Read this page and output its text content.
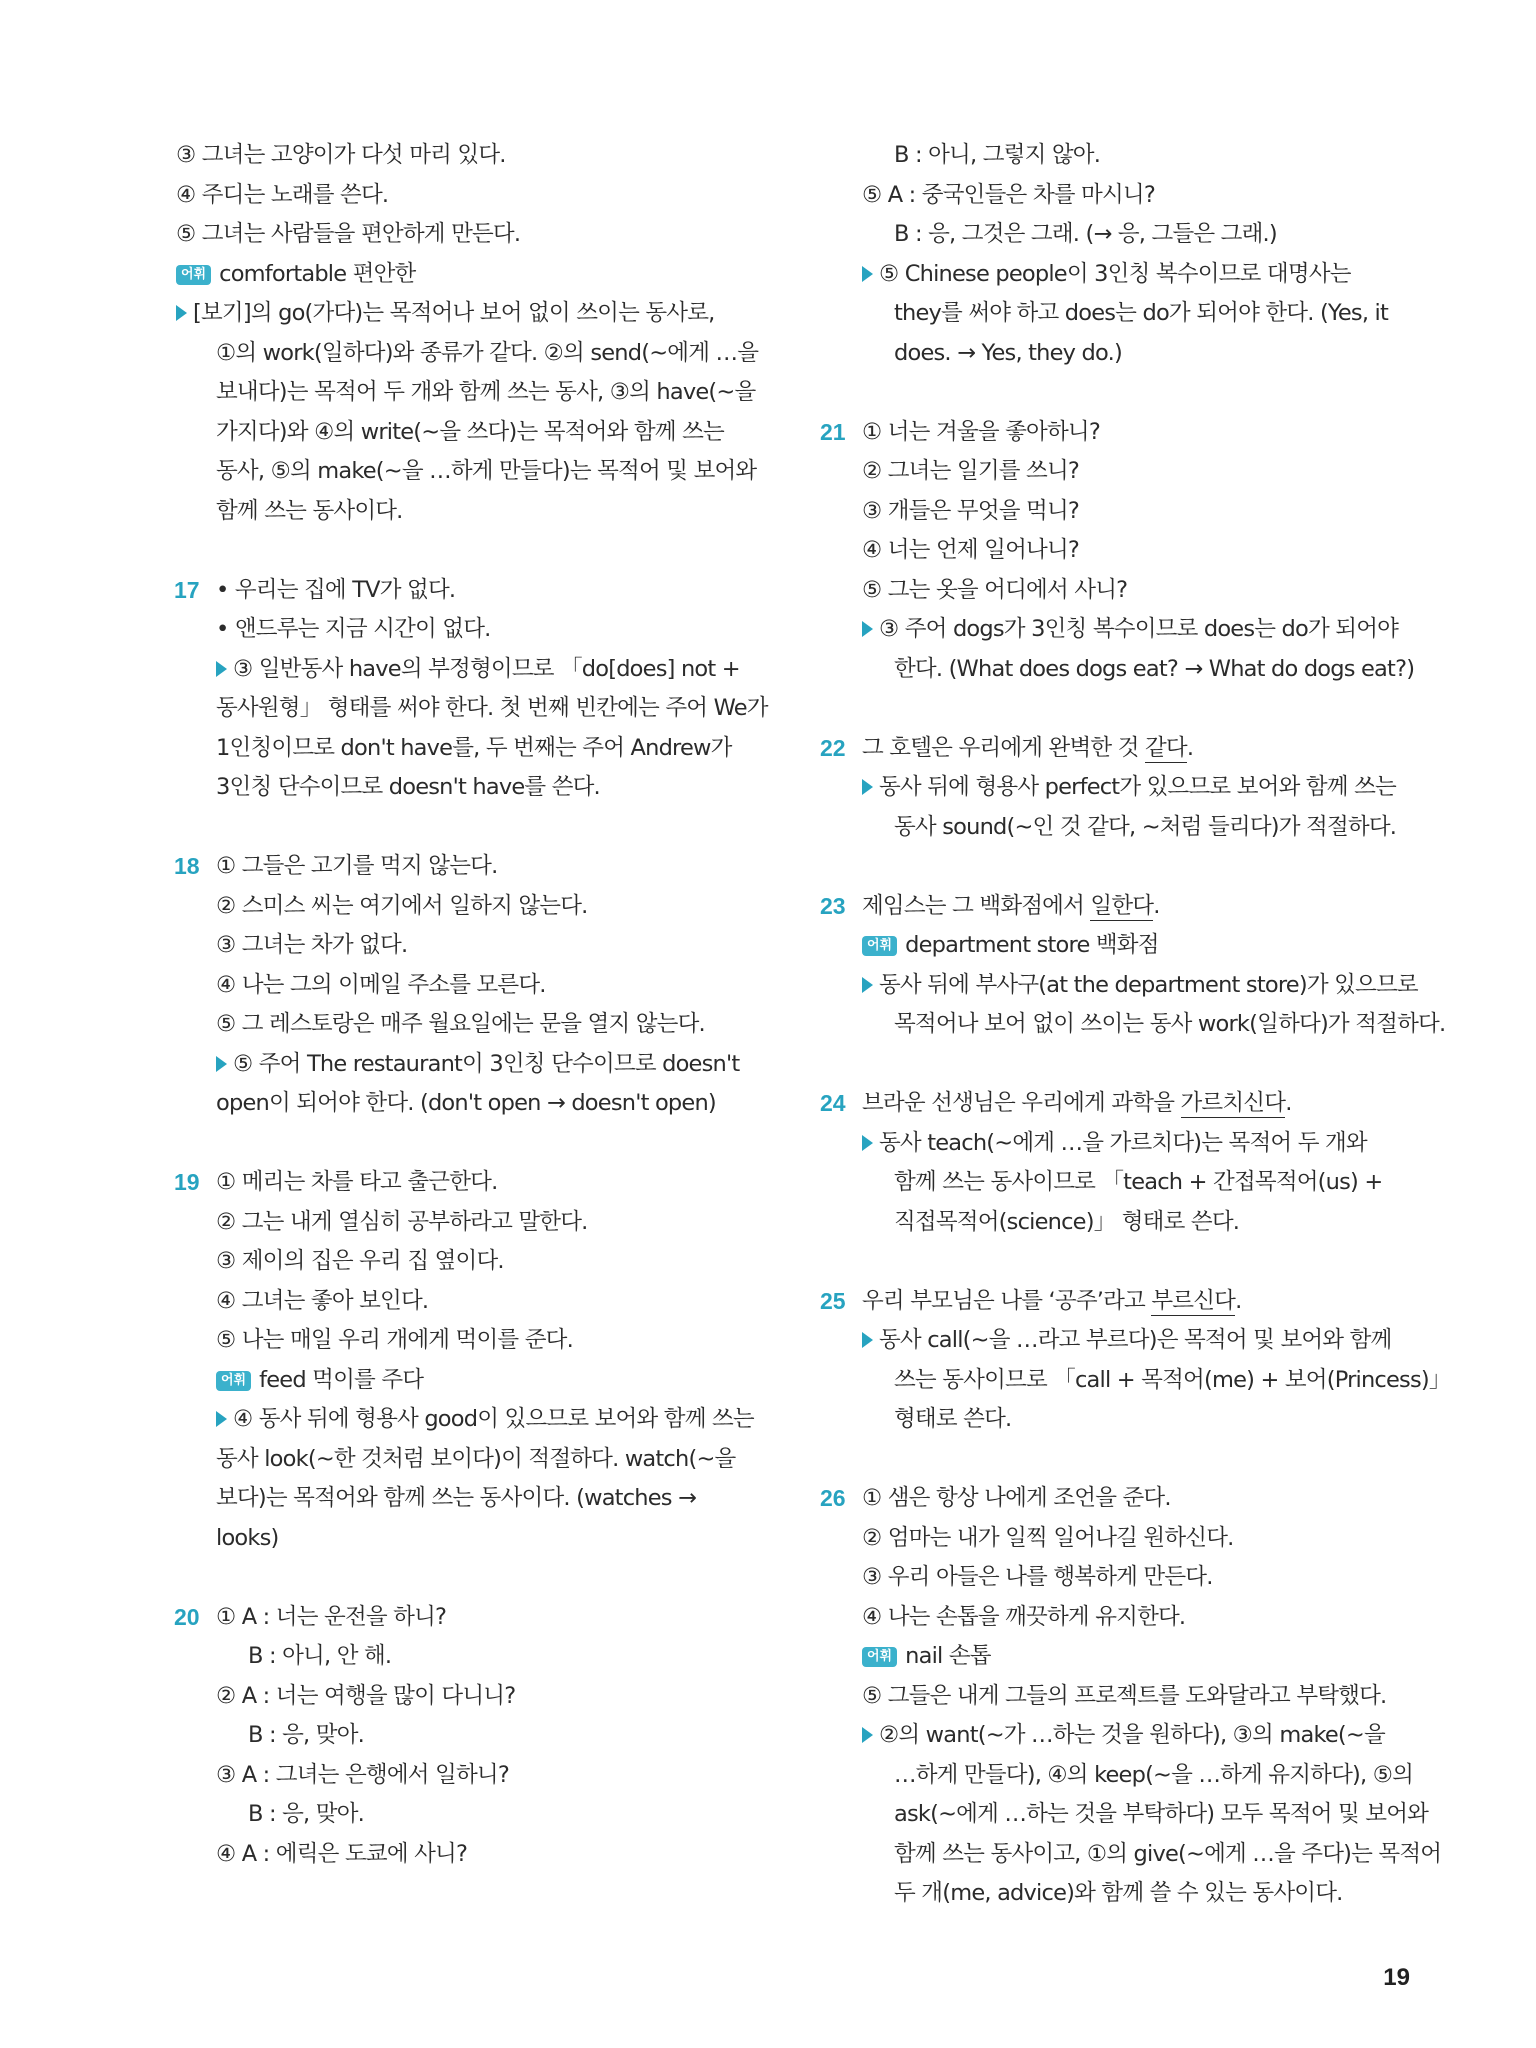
③ 그녀는 고양이가 다섯 마리 있다.
④ 주디는 노래를 쓴다.
⑤ 그녀는 사람들을 편안하게 만든다.
어휘 comfortable 편안한
[보기]의 go(가다)는 목적어나 보어 없이 쓰이는 동사로,
①의 work(일하다)와 종류가 같다. ②의 send(~에게 …을
보내다)는 목적어 두 개와 함께 쓰는 동사, ③의 have(~을
가지다)와 ④의 write(~을 쓰다)는 목적어와 함께 쓰는
동사, ⑤의 make(~을 …하게 만들다)는 목적어 및 보어와
함께 쓰는 동사이다.
17 • 우리는 집에 TV가 없다.
• 앤드루는 지금 시간이 없다.
③ 일반동사 have의 부정형이므로 「do[does] not +
동사원형」 형태를 써야 한다. 첫 번째 빈칸에는 주어 We가
1인칭이므로 don't have를, 두 번째는 주어 Andrew가
3인칭 단수이므로 doesn't have를 쓴다.
18 ① 그들은 고기를 먹지 않는다.
② 스미스 씨는 여기에서 일하지 않는다.
③ 그녀는 차가 없다.
④ 나는 그의 이메일 주소를 모른다.
⑤ 그 레스토랑은 매주 월요일에는 문을 열지 않는다.
⑤ 주어 The restaurant이 3인칭 단수이므로 doesn't
open이 되어야 한다. (don't open → doesn't open)
19 ① 메리는 차를 타고 출근한다.
② 그는 내게 열심히 공부하라고 말한다.
③ 제이의 집은 우리 집 옆이다.
④ 그녀는 좋아 보인다.
⑤ 나는 매일 우리 개에게 먹이를 준다.
어휘 feed 먹이를 주다
④ 동사 뒤에 형용사 good이 있으므로 보어와 함께 쓰는
동사 look(~한 것처럼 보이다)이 적절하다. watch(~을
보다)는 목적어와 함께 쓰는 동사이다. (watches →
looks)
20 ① A : 너는 운전을 하니?
B : 아니, 안 해.
② A : 너는 여행을 많이 다니니?
B : 응, 맞아.
③ A : 그녀는 은행에서 일하니?
B : 응, 맞아.
④ A : 에릭은 도쿄에 사니?
B : 아니, 그렇지 않아.
⑤ A : 중국인들은 차를 마시니?
B : 응, 그것은 그래. (→ 응, 그들은 그래.)
⑤ Chinese people이 3인칭 복수이므로 대명사는
they를 써야 하고 does는 do가 되어야 한다. (Yes, it
does. → Yes, they do.)
21 ① 너는 겨울을 좋아하니?
② 그녀는 일기를 쓰니?
③ 개들은 무엇을 먹니?
④ 너는 언제 일어나니?
⑤ 그는 옷을 어디에서 사니?
③ 주어 dogs가 3인칭 복수이므로 does는 do가 되어야
한다. (What does dogs eat? → What do dogs eat?)
22 그 호텔은 우리에게 완벽한 것 같다.
동사 뒤에 형용사 perfect가 있으므로 보어와 함께 쓰는
동사 sound(~인 것 같다, ~처럼 들리다)가 적절하다.
23 제임스는 그 백화점에서 일한다.
어휘 department store 백화점
동사 뒤에 부사구(at the department store)가 있으므로
목적어나 보어 없이 쓰이는 동사 work(일하다)가 적절하다.
24 브라운 선생님은 우리에게 과학을 가르치신다.
동사 teach(~에게 …을 가르치다)는 목적어 두 개와
함께 쓰는 동사이므로 「teach + 간접목적어(us) +
직접목적어(science)」 형태로 쓴다.
25 우리 부모님은 나를 ‘공주’라고 부르신다.
동사 call(~을 …라고 부르다)은 목적어 및 보어와 함께
쓰는 동사이므로 「call + 목적어(me) + 보어(Princess)」
형태로 쓴다.
26 ① 샘은 항상 나에게 조언을 준다.
② 엄마는 내가 일찍 일어나길 원하신다.
③ 우리 아들은 나를 행복하게 만든다.
④ 나는 손톱을 깨끗하게 유지한다.
어휘 nail 손톱
⑤ 그들은 내게 그들의 프로젝트를 도와달라고 부탁했다.
②의 want(~가 …하는 것을 원하다), ③의 make(~을
…하게 만들다), ④의 keep(~을 …하게 유지하다), ⑤의
ask(~에게 …하는 것을 부탁하다) 모두 목적어 및 보어와
함께 쓰는 동사이고, ①의 give(~에게 …을 주다)는 목적어
두 개(me, advice)와 함께 쓸 수 있는 동사이다.
19
